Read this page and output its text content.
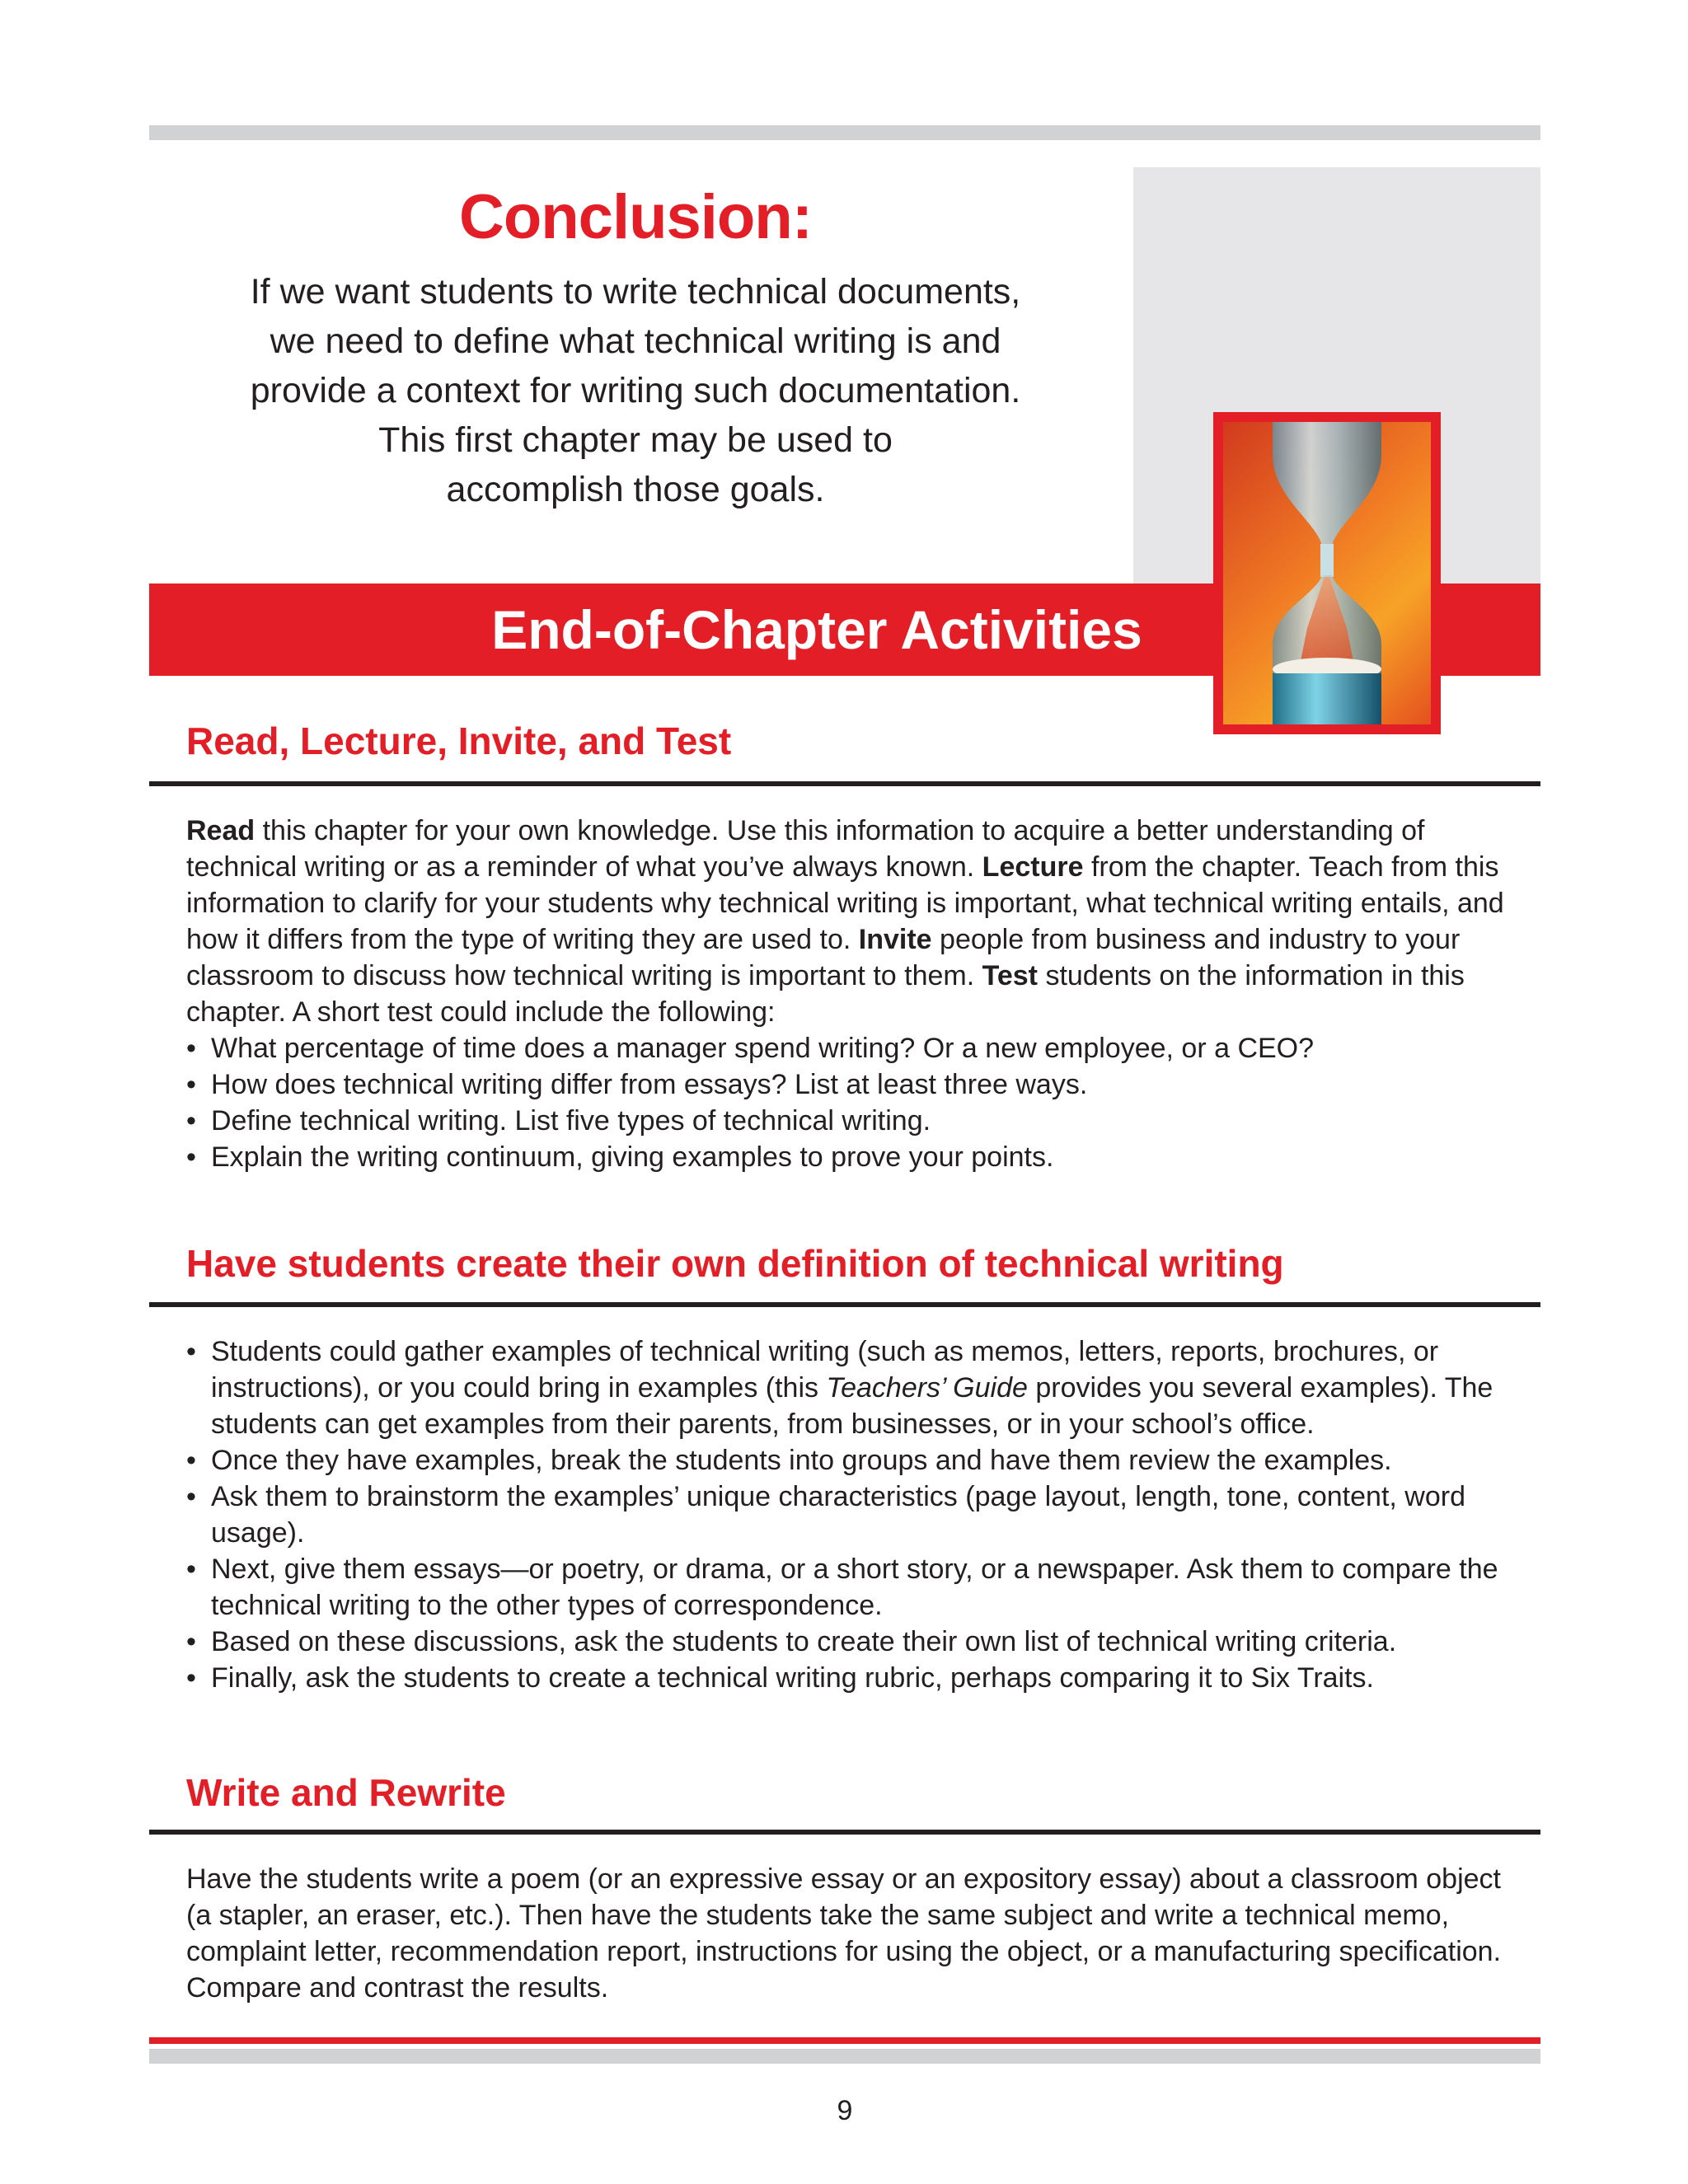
Conclusion:
If we want students to write technical documents,
we need to define what technical writing is and
provide a context for writing such documentation.
This first chapter may be used to
accomplish those goals.
End-of-Chapter Activities
Read, Lecture, Invite, and Test

Read this chapter for your own knowledge. Use this information to acquire a better understanding of technical writing or as a reminder of what you’ve always known. Lecture from the chapter. Teach from this information to clarify for your students why technical writing is important, what technical writing entails, and how it differs from the type of writing they are used to. Invite people from business and industry to your classroom to discuss how technical writing is important to them. Test students on the information in this chapter. A short test could include the following:

• What percentage of time does a manager spend writing? Or a new employee, or a CEO?
• How does technical writing differ from essays? List at least three ways.
• Define technical writing. List five types of technical writing.
• Explain the writing continuum, giving examples to prove your points.
Have students create their own definition of technical writing
• Students could gather examples of technical writing (such as memos, letters, reports, brochures, or instructions), or you could bring in examples (this Teachers’ Guide provides you several examples). The students can get examples from their parents, from businesses, or in your school’s office.
• Once they have examples, break the students into groups and have them review the examples.
• Ask them to brainstorm the examples’ unique characteristics (page layout, length, tone, content, word usage).
• Next, give them essays—or poetry, or drama, or a short story, or a newspaper. Ask them to compare the technical writing to the other types of correspondence.
• Based on these discussions, ask the students to create their own list of technical writing criteria.
• Finally, ask the students to create a technical writing rubric, perhaps comparing it to Six Traits.
Write and Rewrite

Have the students write a poem (or an expressive essay or an expository essay) about a classroom object (a stapler, an eraser, etc.). Then have the students take the same subject and write a technical memo, complaint letter, recommendation report, instructions for using the object, or a manufacturing specification. Compare and contrast the results.

9
